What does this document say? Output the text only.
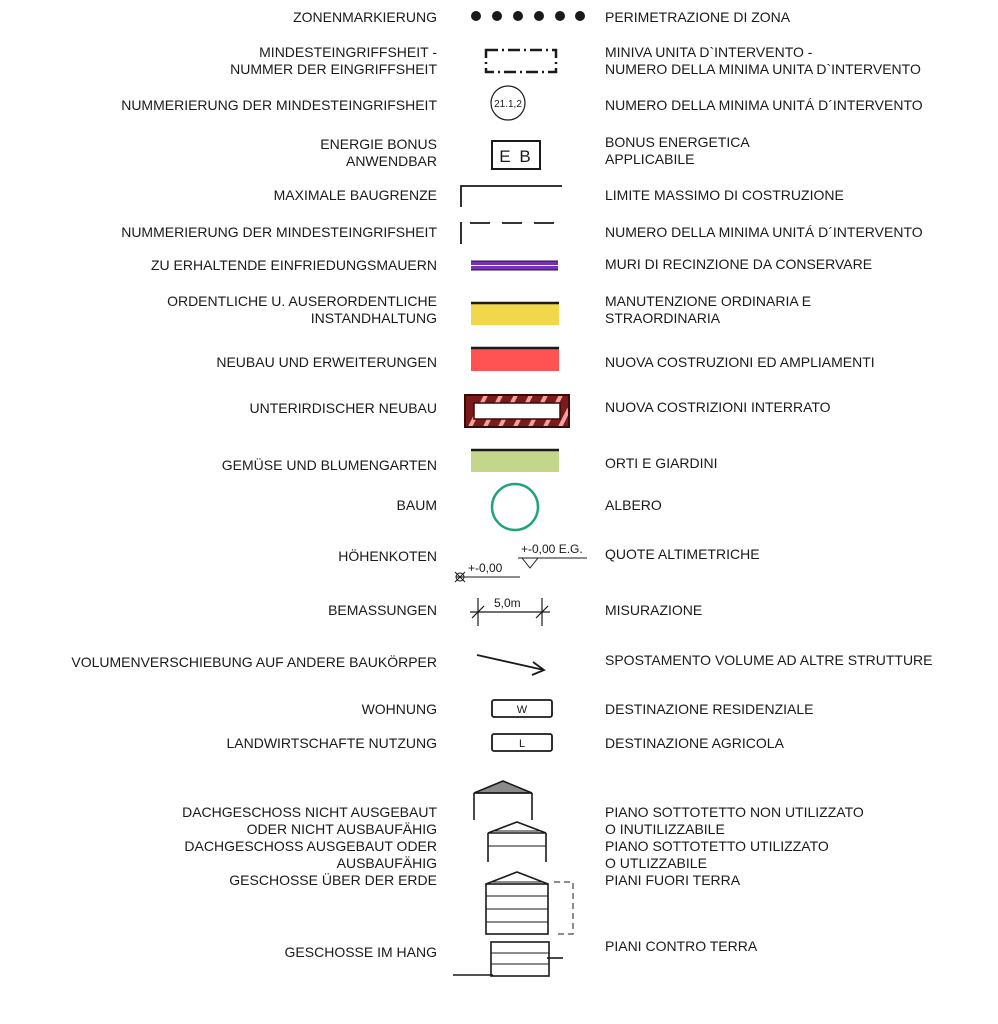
ZONENMARKIERUNG
MINDESTEINGRIFFSHEIT -
NUMMER DER EINGRIFFSHEIT
NUMMERIERUNG DER MINDESTEINGRIFSHEIT
ENERGIE BONUS
ANWENDBAR
MAXIMALE BAUGRENZE
NUMMERIERUNG DER MINDESTEINGRIFSHEIT
ZU ERHALTENDE EINFRIEDUNGSMAUERN
ORDENTLICHE U. AUSERORDENTLICHE
INSTANDHALTUNG
NEUBAU UND ERWEITERUNGEN
UNTERIRDISCHER NEUBAU
GEMÜSE UND BLUMENGARTEN
BAUM
HÖHENKOTEN
BEMASSUNGEN
VOLUMENVERSCHIEBUNG AUF ANDERE BAUKÖRPER
WOHNUNG
LANDWIRTSCHAFTE NUTZUNG
DACHGESCHOSS NICHT AUSGEBAUT
ODER NICHT AUSBAUFÄHIG
DACHGESCHOSS AUSGEBAUT ODER
AUSBAUFÄHIG
GESCHOSSE ÜBER DER ERDE
GESCHOSSE IM HANG
PERIMETRAZIONE DI ZONA
MINIVA UNITA D`INTERVENTO -
NUMERO DELLA MINIMA UNITA D`INTERVENTO
NUMERO DELLA MINIMA UNITÁ D´INTERVENTO
BONUS ENERGETICA
APPLICABILE
LIMITE MASSIMO DI COSTRUZIONE
NUMERO DELLA MINIMA UNITÁ D´INTERVENTO
MURI DI RECINZIONE DA CONSERVARE
MANUTENZIONE ORDINARIA E
STRAORDINARIA
NUOVA COSTRUZIONI ED AMPLIAMENTI
NUOVA COSTRIZIONI INTERRATO
ORTI E GIARDINI
ALBERO
QUOTE ALTIMETRICHE
MISURAZIONE
SPOSTAMENTO VOLUME AD ALTRE STRUTTURE
DESTINAZIONE RESIDENZIALE
DESTINAZIONE AGRICOLA
PIANO SOTTOTETTO NON UTILIZZATO
O INUTILIZZABILE
PIANO SOTTOTETTO UTILIZZATO
O UTLIZZABILE
PIANI FUORI TERRA
PIANI CONTRO TERRA
21.1,2
E B
+-0,00 E.G.
+-0,00
5,0m
W
L
